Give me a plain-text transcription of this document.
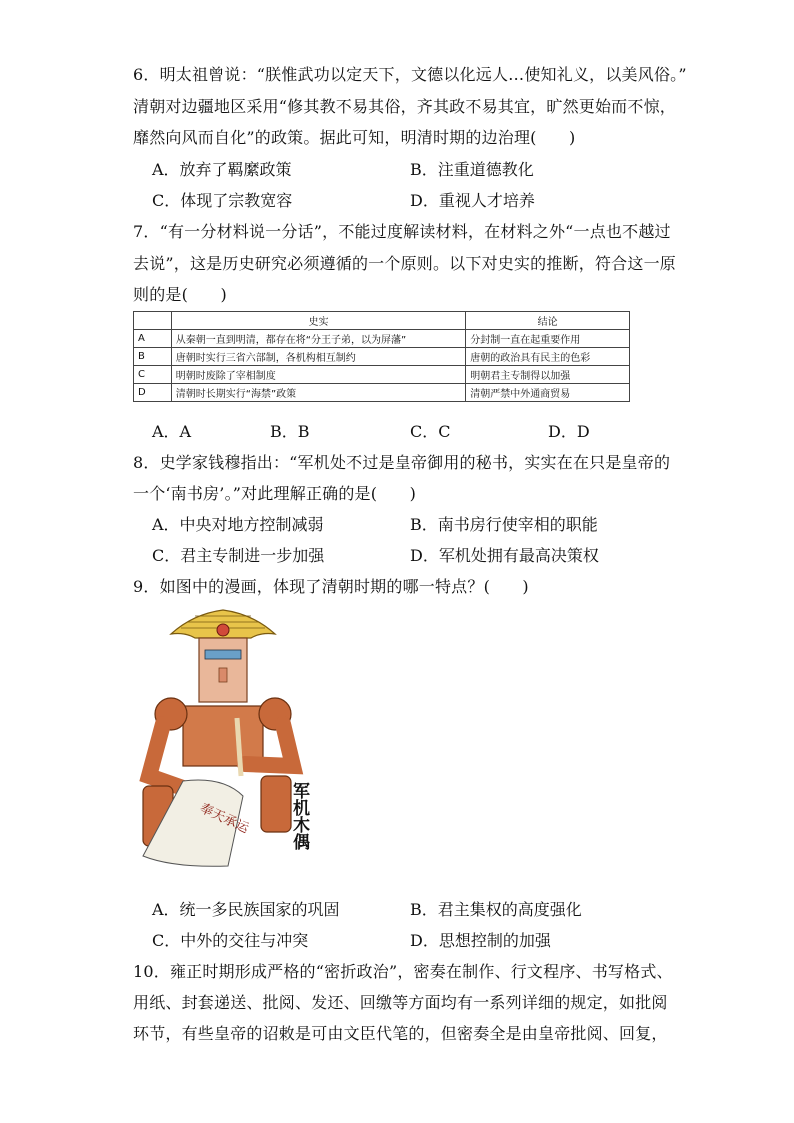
6．明太祖曾说：“朕惟武功以定天下，文德以化远人…使知礼义，以美风俗。”
清朝对边疆地区采用“修其教不易其俗，齐其政不易其宜，旷然更始而不惊，
靡然向风而自化”的政策。据此可知，明清时期的边治理(　　)
A．放弃了羁縻政策	B．注重道德教化
C．体现了宗教宽容	D．重视人才培养
7．“有一分材料说一分话”，不能过度解读材料，在材料之外“一点也不越过
去说”，这是历史研究必须遵循的一个原则。以下对史实的推断，符合这一原
则的是(　　)
	史实	结论
A	从秦朝一直到明清，都存在将“分王子弟，以为屏藩”	分封制一直在起重要作用
B	唐朝时实行三省六部制，各机构相互制约	唐朝的政治具有民主的色彩
C	明朝时废除了宰相制度	明朝君主专制得以加强
D	清朝时长期实行“海禁”政策	清朝严禁中外通商贸易
A．A	B．B	C．C	D．D
8．史学家钱穆指出：“军机处不过是皇帝御用的秘书，实实在在只是皇帝的
一个‘南书房’。”对此理解正确的是(　　)
A．中央对地方控制减弱	B．南书房行使宰相的职能
C．君主专制进一步加强	D．军机处拥有最高决策权
9．如图中的漫画，体现了清朝时期的哪一特点？(　　)
奉天承运 军机木偶
A．统一多民族国家的巩固	B．君主集权的高度强化
C．中外的交往与冲突	D．思想控制的加强
10．雍正时期形成严格的“密折政治”，密奏在制作、行文程序、书写格式、
用纸、封套递送、批阅、发还、回缴等方面均有一系列详细的规定，如批阅
环节，有些皇帝的诏敕是可由文臣代笔的，但密奏全是由皇帝批阅、回复，
